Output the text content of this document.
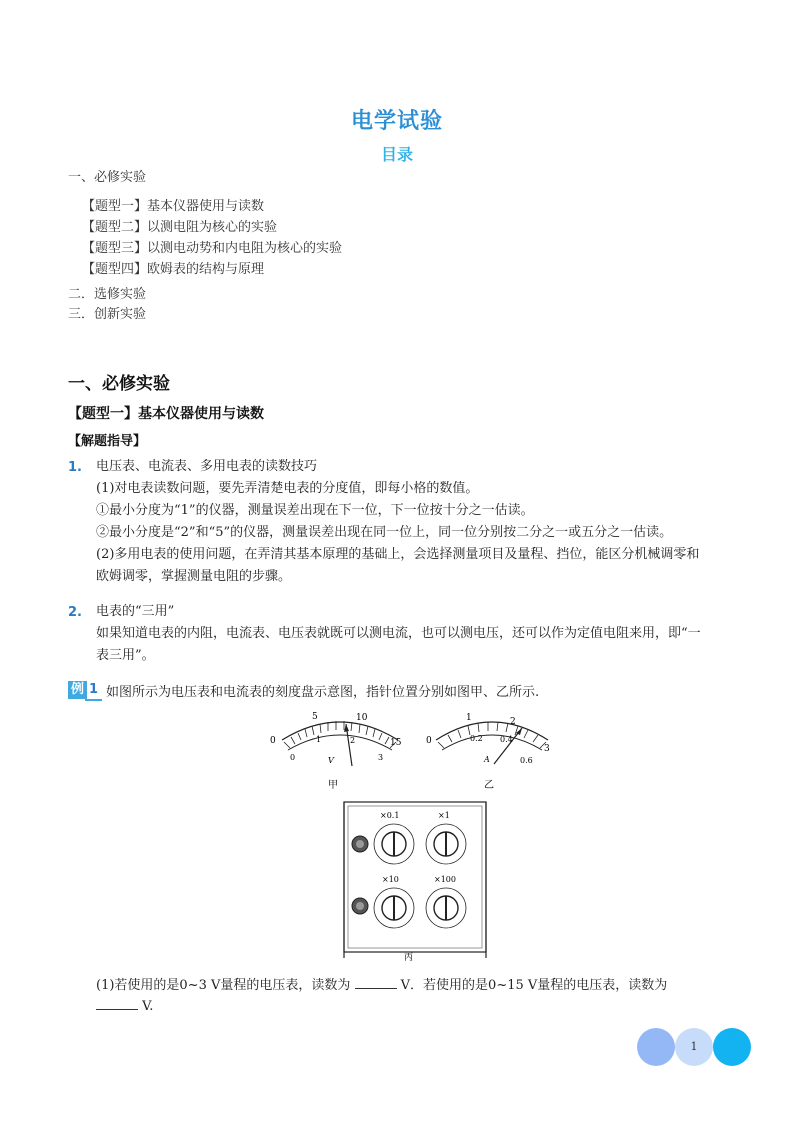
电学试验
目录
一、必修实验
【题型一】基本仪器使用与读数
【题型二】以测电阻为核心的实验
【题型三】以测电动势和内电阻为核心的实验
【题型四】欧姆表的结构与原理
二．选修实验
三．创新实验
一、必修实验
【题型一】基本仪器使用与读数
【解题指导】
1. 电压表、电流表、多用电表的读数技巧
(1)对电表读数问题，要先弄清楚电表的分度值，即每小格的数值。
①最小分度为“1”的仪器，测量误差出现在下一位，下一位按十分之一估读。
②最小分度是“2”和“5”的仪器，测量误差出现在同一位上，同一位分别按二分之一或五分之一估读。
(2)多用电表的使用问题，在弄清其基本原理的基础上，会选择测量项目及量程、挡位，能区分机械调零和
欧姆调零，掌握测量电阻的步骤。
2. 电表的“三用”
如果知道电表的内阻，电流表、电压表就既可以测电流，也可以测电压，还可以作为定值电阻来用，即“一
表三用”。
例 1 如图所示为电压表和电流表的刻度盘示意图，指针位置分别如图甲、乙所示.
0
5	10
15
0
1	2
3
V
甲
0
1	2
3
0.2 0.4
0.6
A
乙
×0.1	×1
×10	×100
丙
(1)若使用的是0~3 V量程的电压表，读数为	V．若使用的是0~15 V量程的电压表，读数为
V.
1
